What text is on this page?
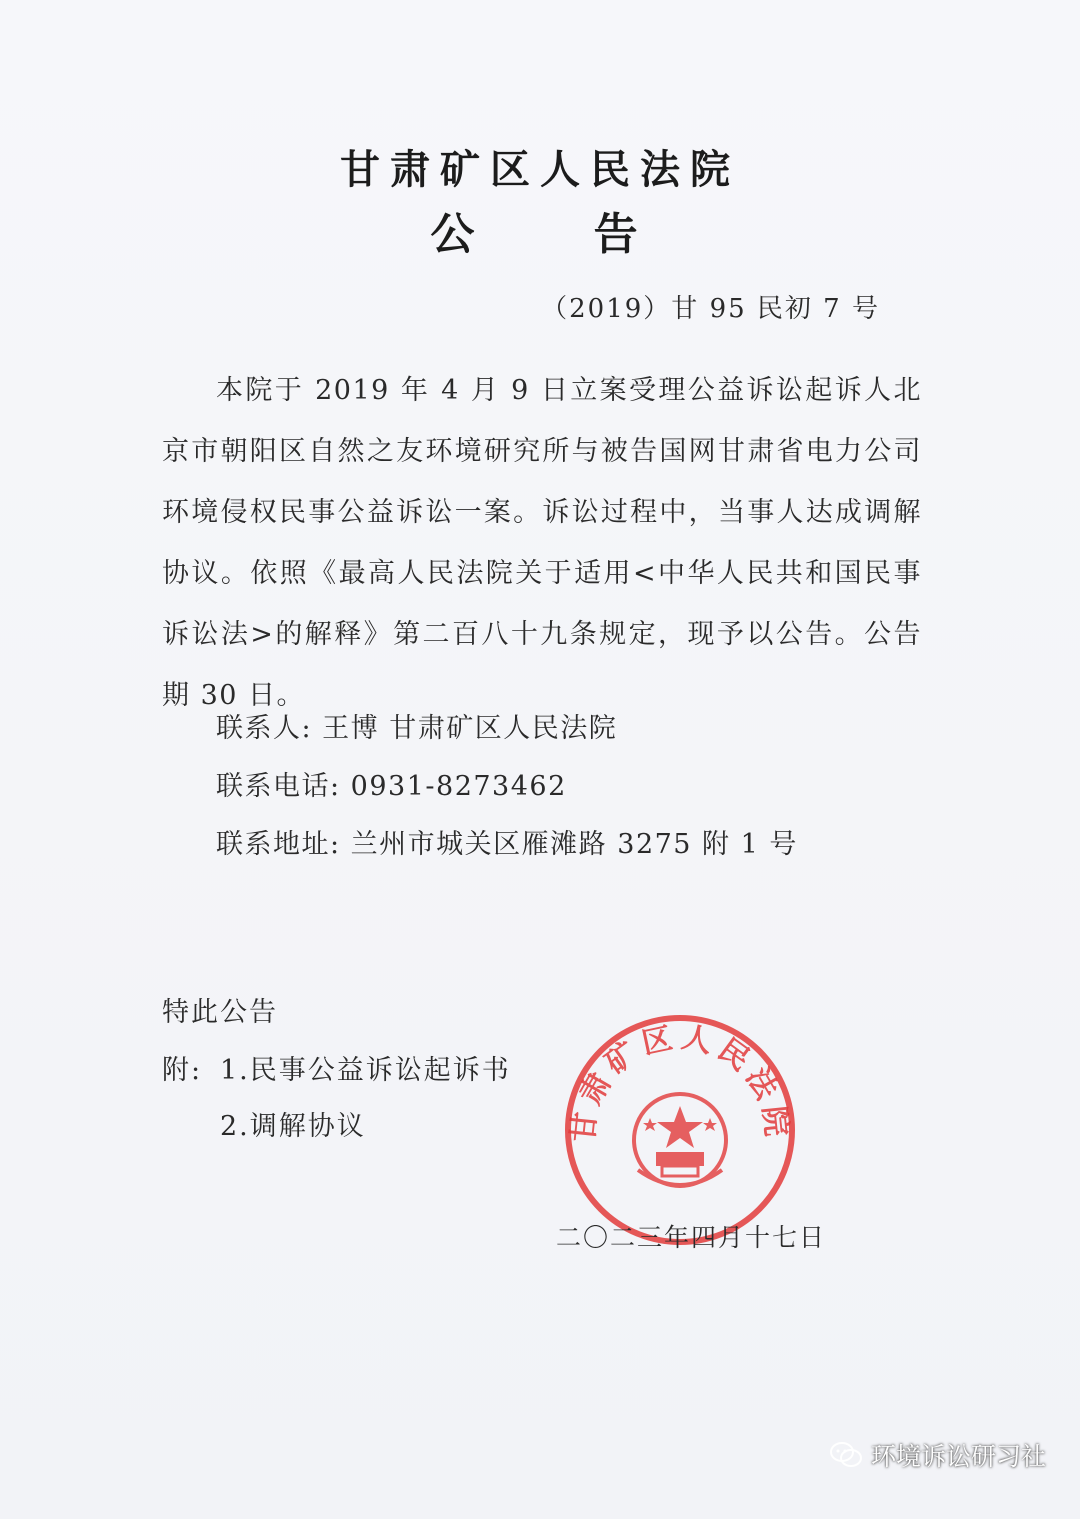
甘肃矿区人民法院
公 告
（2019）甘 95 民初 7 号
本院于 2019 年 4 月 9 日立案受理公益诉讼起诉人北京市朝阳区自然之友环境研究所与被告国网甘肃省电力公司环境侵权民事公益诉讼一案。诉讼过程中，当事人达成调解协议。依照《最高人民法院关于适用<中华人民共和国民事诉讼法>的解释》第二百八十九条规定，现予以公告。公告期 30 日。
联系人: 王博 甘肃矿区人民法院
联系电话: 0931-8273462
联系地址: 兰州市城关区雁滩路 3275 附 1 号
特此公告
附: 1.民事公益诉讼起诉书
2.调解协议	甘肃矿区人民法院
二〇二三年四月十七日
环境诉讼研习社
